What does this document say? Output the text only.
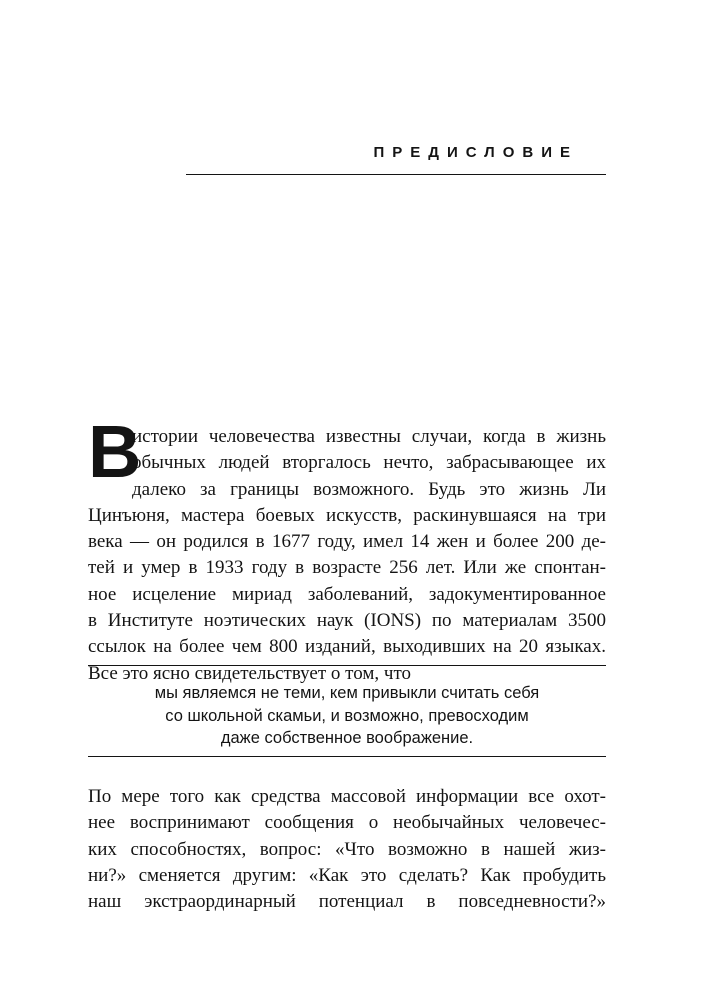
ПРЕДИСЛОВИЕ
В
истории человечества известны случаи, когда в жизнь
обычных людей вторгалось нечто, забрасывающее их
далеко за границы возможного. Будь это жизнь Ли
Цинъюня, мастера боевых искусств, раскинувшаяся на три
века — он родился в 1677 году, имел 14 жен и более 200 де-
тей и умер в 1933 году в возрасте 256 лет. Или же спонтан-
ное исцеление мириад заболеваний, задокументированное
в Институте ноэтических наук (IONS) по материалам 3500
ссылок на более чем 800 изданий, выходивших на 20 языках.
Все это ясно свидетельствует о том, что
мы являемся не теми, кем привыкли считать себя
со школьной скамьи, и возможно, превосходим
даже собственное воображение.
По мере того как средства массовой информации все охот-
нее воспринимают сообщения о необычайных человечес-
ких способностях, вопрос: «Что возможно в нашей жиз-
ни?» сменяется другим: «Как это сделать? Как пробудить
наш экстраординарный потенциал в повседневности?»
